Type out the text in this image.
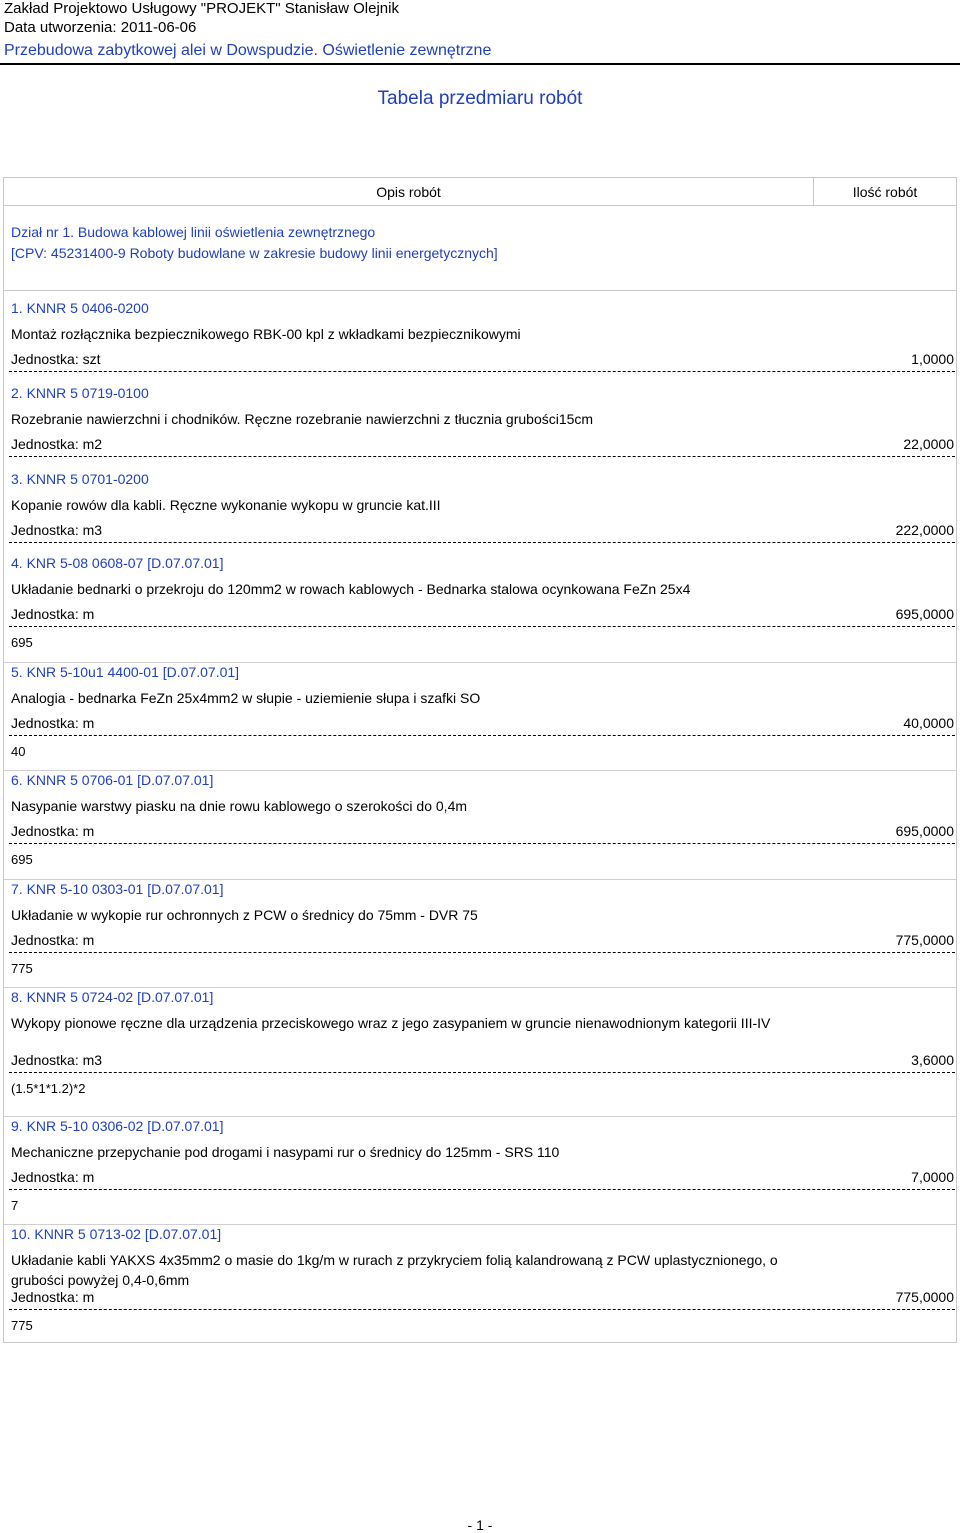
Zakład Projektowo Usługowy "PROJEKT" Stanisław Olejnik
Data utworzenia: 2011-06-06
Przebudowa zabytkowej alei w Dowspudzie. Oświetlenie zewnętrzne
Tabela przedmiaru robót
Opis robót	Ilość robót
Dział nr 1. Budowa kablowej linii oświetlenia zewnętrznego
[CPV: 45231400-9 Roboty budowlane w zakresie budowy linii energetycznych]
1. KNNR 5 0406-0200
Montaż rozłącznika bezpiecznikowego RBK-00 kpl z wkładkami bezpiecznikowymi
Jednostka: szt	1,0000
2. KNNR 5 0719-0100
Rozebranie nawierzchni i chodników. Ręczne rozebranie nawierzchni z tłucznia grubości15cm
Jednostka: m2	22,0000
3. KNNR 5 0701-0200
Kopanie rowów dla kabli. Ręczne wykonanie wykopu w gruncie kat.III
Jednostka: m3	222,0000
4. KNR 5-08 0608-07 [D.07.07.01]
Układanie bednarki o przekroju do 120mm2 w rowach kablowych - Bednarka stalowa ocynkowana FeZn 25x4
Jednostka: m	695,0000
695
5. KNR 5-10u1 4400-01 [D.07.07.01]
Analogia - bednarka FeZn 25x4mm2 w słupie - uziemienie słupa i szafki SO
Jednostka: m	40,0000
40
6. KNNR 5 0706-01 [D.07.07.01]
Nasypanie warstwy piasku na dnie rowu kablowego o szerokości do 0,4m
Jednostka: m	695,0000
695
7. KNR 5-10 0303-01 [D.07.07.01]
Układanie w wykopie rur ochronnych z PCW o średnicy do 75mm - DVR 75
Jednostka: m	775,0000
775
8. KNNR 5 0724-02 [D.07.07.01]
Wykopy pionowe ręczne dla urządzenia przeciskowego wraz z jego zasypaniem w gruncie nienawodnionym kategorii III-IV
Jednostka: m3	3,6000
(1.5*1*1.2)*2
9. KNR 5-10 0306-02 [D.07.07.01]
Mechaniczne przepychanie pod drogami i nasypami rur o średnicy do 125mm - SRS 110
Jednostka: m	7,0000
7
10. KNNR 5 0713-02 [D.07.07.01]
Układanie kabli YAKXS 4x35mm2 o masie do 1kg/m w rurach z przykryciem folią kalandrowaną z PCW uplastycznionego, o grubości powyżej 0,4-0,6mm
Jednostka: m	775,0000
775
- 1 -
